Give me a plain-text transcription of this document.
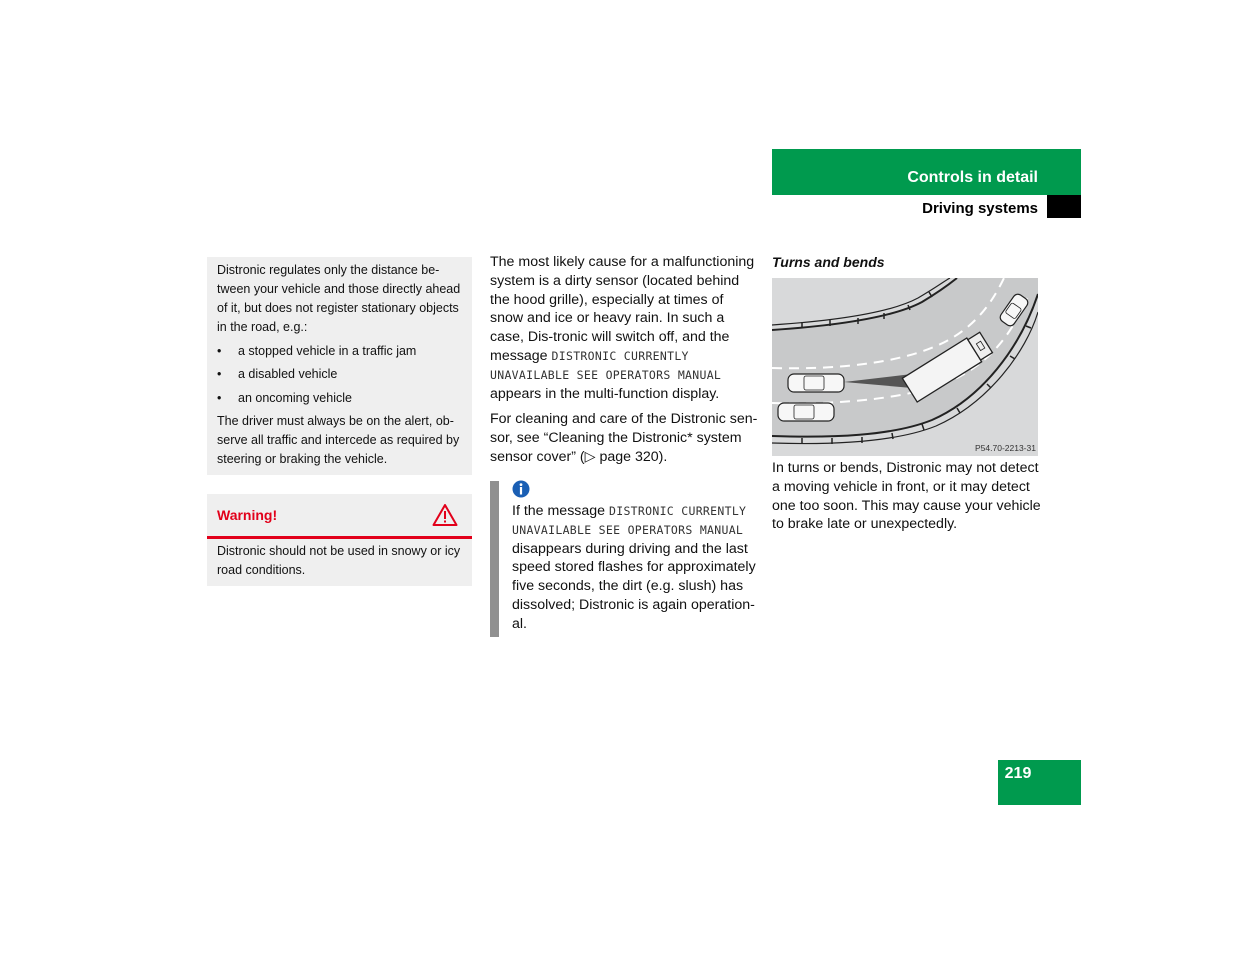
Controls in detail
Driving systems
Distronic regulates only the distance be-tween your vehicle and those directly ahead of it, but does not register stationary objects in the road, e.g.:
• a stopped vehicle in a traffic jam
• a disabled vehicle
• an oncoming vehicle
The driver must always be on the alert, ob-serve all traffic and intercede as required by steering or braking the vehicle.
Warning!
Distronic should not be used in snowy or icy road conditions.
The most likely cause for a malfunctioning system is a dirty sensor (located behind the hood grille), especially at times of snow and ice or heavy rain. In such a case, Dis-tronic will switch off, and the message DISTRONIC CURRENTLY UNAVAILABLE SEE OPERATORS MANUAL appears in the multi-function display.
For cleaning and care of the Distronic sen-sor, see “Cleaning the Distronic* system sensor cover” (▷ page 320).
If the message DISTRONIC CURRENTLY UNAVAILABLE SEE OPERATORS MANUAL disappears during driving and the last speed stored flashes for approximately five seconds, the dirt (e.g. slush) has dissolved; Distronic is again operation-al.
Turns and bends
P54.70-2213-31
In turns or bends, Distronic may not detect a moving vehicle in front, or it may detect one too soon. This may cause your vehicle to brake late or unexpectedly.
219
